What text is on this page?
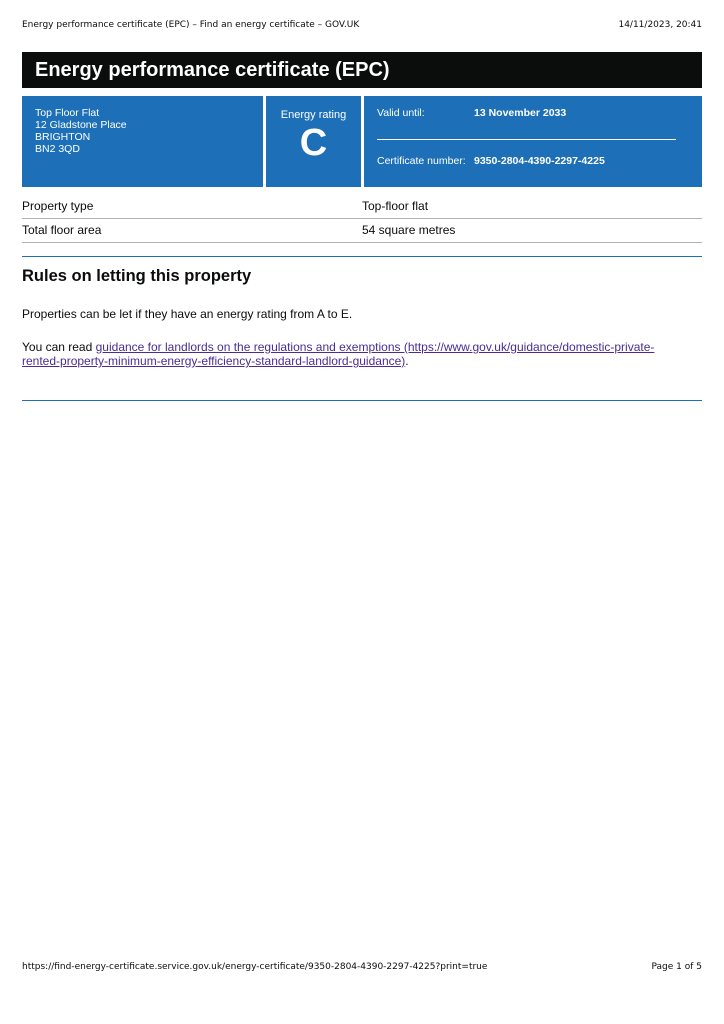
Energy performance certificate (EPC) – Find an energy certificate – GOV.UK	14/11/2023, 20:41
Energy performance certificate (EPC)
Top Floor Flat
12 Gladstone Place
BRIGHTON
BN2 3QD
Energy rating
C
Valid until:	13 November 2033
Certificate number: 9350-2804-4390-2297-4225
Property type	Top-floor flat
Total floor area	54 square metres
Rules on letting this property

Properties can be let if they have an energy rating from A to E.

You can read guidance for landlords on the regulations and exemptions (https://www.gov.uk/guidance/domestic-private-rented-property-minimum-energy-efficiency-standard-landlord-guidance).

https://find-energy-certificate.service.gov.uk/energy-certificate/9350-2804-4390-2297-4225?print=true	Page 1 of 5
